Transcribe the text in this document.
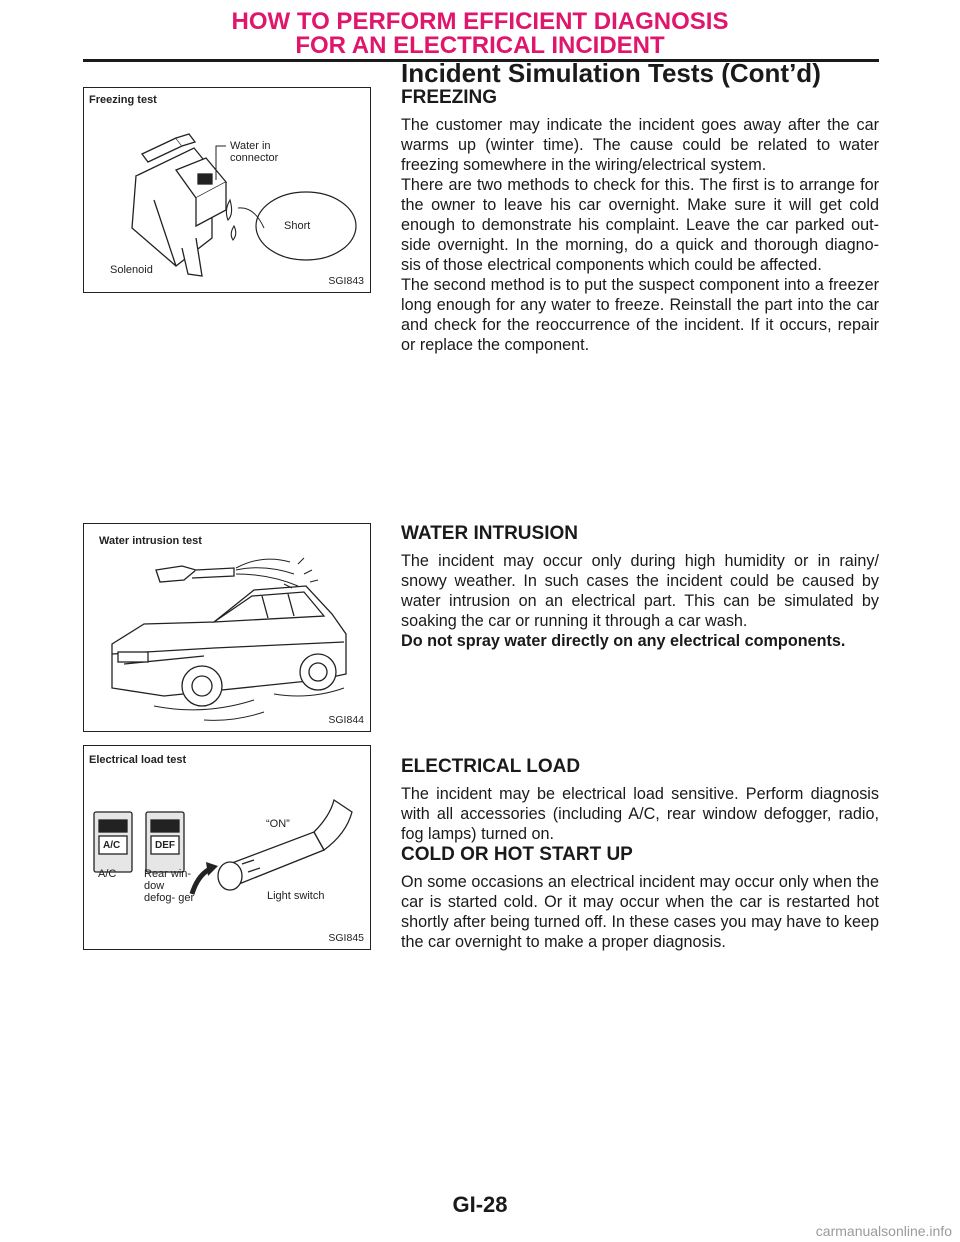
HOW TO PERFORM EFFICIENT DIAGNOSIS
FOR AN ELECTRICAL INCIDENT
Incident Simulation Tests (Cont’d)
Freezing test
Water in connector
Short
Solenoid
SGI843
Water intrusion test
SGI844
Electrical load test
“ON”
A/C	DEF
A/C	Rear win- dow defog- ger	Light switch
SGI845
FREEZING

The customer may indicate the incident goes away after the car warms up (winter time). The cause could be related to water freezing somewhere in the wiring/electrical system.

There are two methods to check for this. The first is to arrange for the owner to leave his car overnight. Make sure it will get cold enough to demonstrate his complaint. Leave the car parked out- side overnight. In the morning, do a quick and thorough diagno- sis of those electrical components which could be affected.

The second method is to put the suspect component into a freezer long enough for any water to freeze. Reinstall the part into the car and check for the reoccurrence of the incident. If it occurs, repair or replace the component.

WATER INTRUSION

The incident may occur only during high humidity or in rainy/ snowy weather. In such cases the incident could be caused by water intrusion on an electrical part. This can be simulated by soaking the car or running it through a car wash.

Do not spray water directly on any electrical components.

ELECTRICAL LOAD

The incident may be electrical load sensitive. Perform diagnosis with all accessories (including A/C, rear window defogger, radio, fog lamps) turned on.

COLD OR HOT START UP

On some occasions an electrical incident may occur only when the car is started cold. Or it may occur when the car is restarted hot shortly after being turned off. In these cases you may have to keep the car overnight to make a proper diagnosis.

GI-28
carmanualsonline.info
